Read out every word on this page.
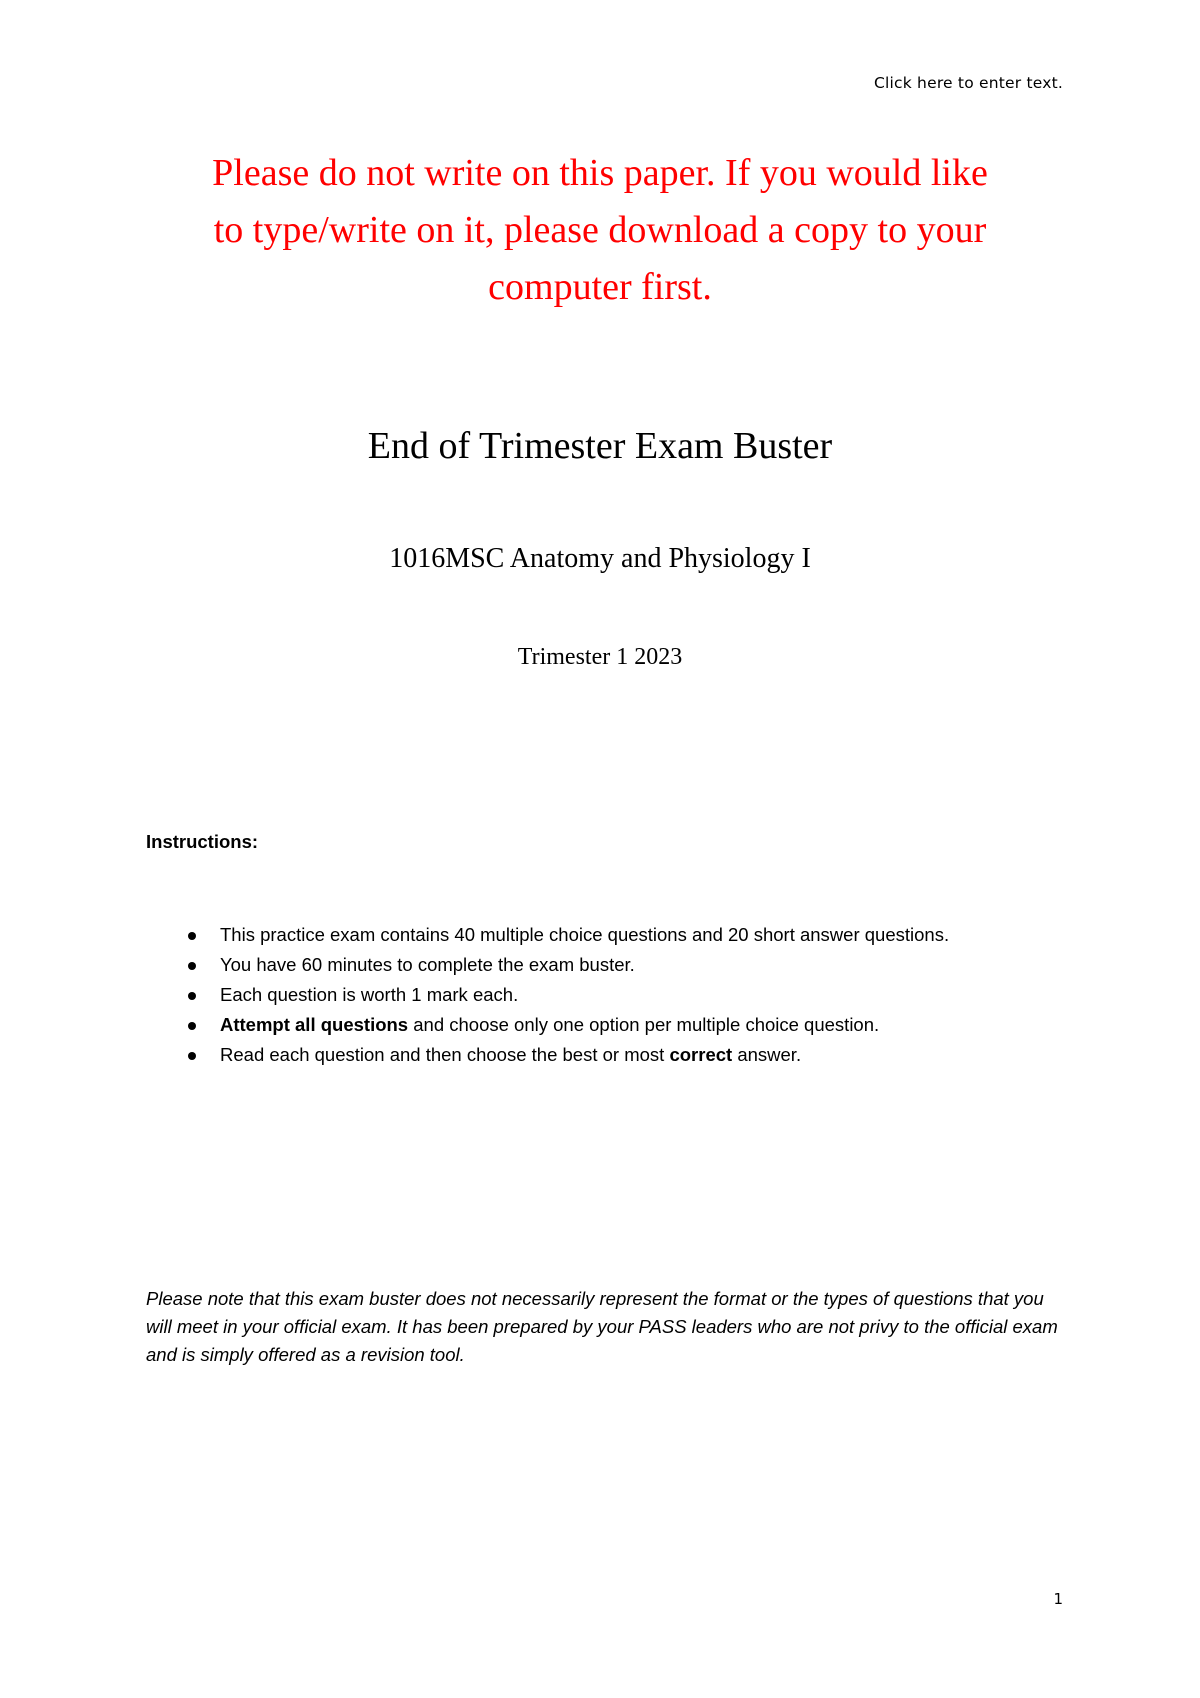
Click here to enter text.
Please do not write on this paper. If you would like
to type/write on it, please download a copy to your
computer first.
End of Trimester Exam Buster
1016MSC Anatomy and Physiology I
Trimester 1 2023
Instructions:
This practice exam contains 40 multiple choice questions and 20 short answer questions.
You have 60 minutes to complete the exam buster.
Each question is worth 1 mark each.
Attempt all questions and choose only one option per multiple choice question.
Read each question and then choose the best or most correct answer.
Please note that this exam buster does not necessarily represent the format or the types of questions that you will meet in your official exam. It has been prepared by your PASS leaders who are not privy to the official exam and is simply offered as a revision tool.
1
